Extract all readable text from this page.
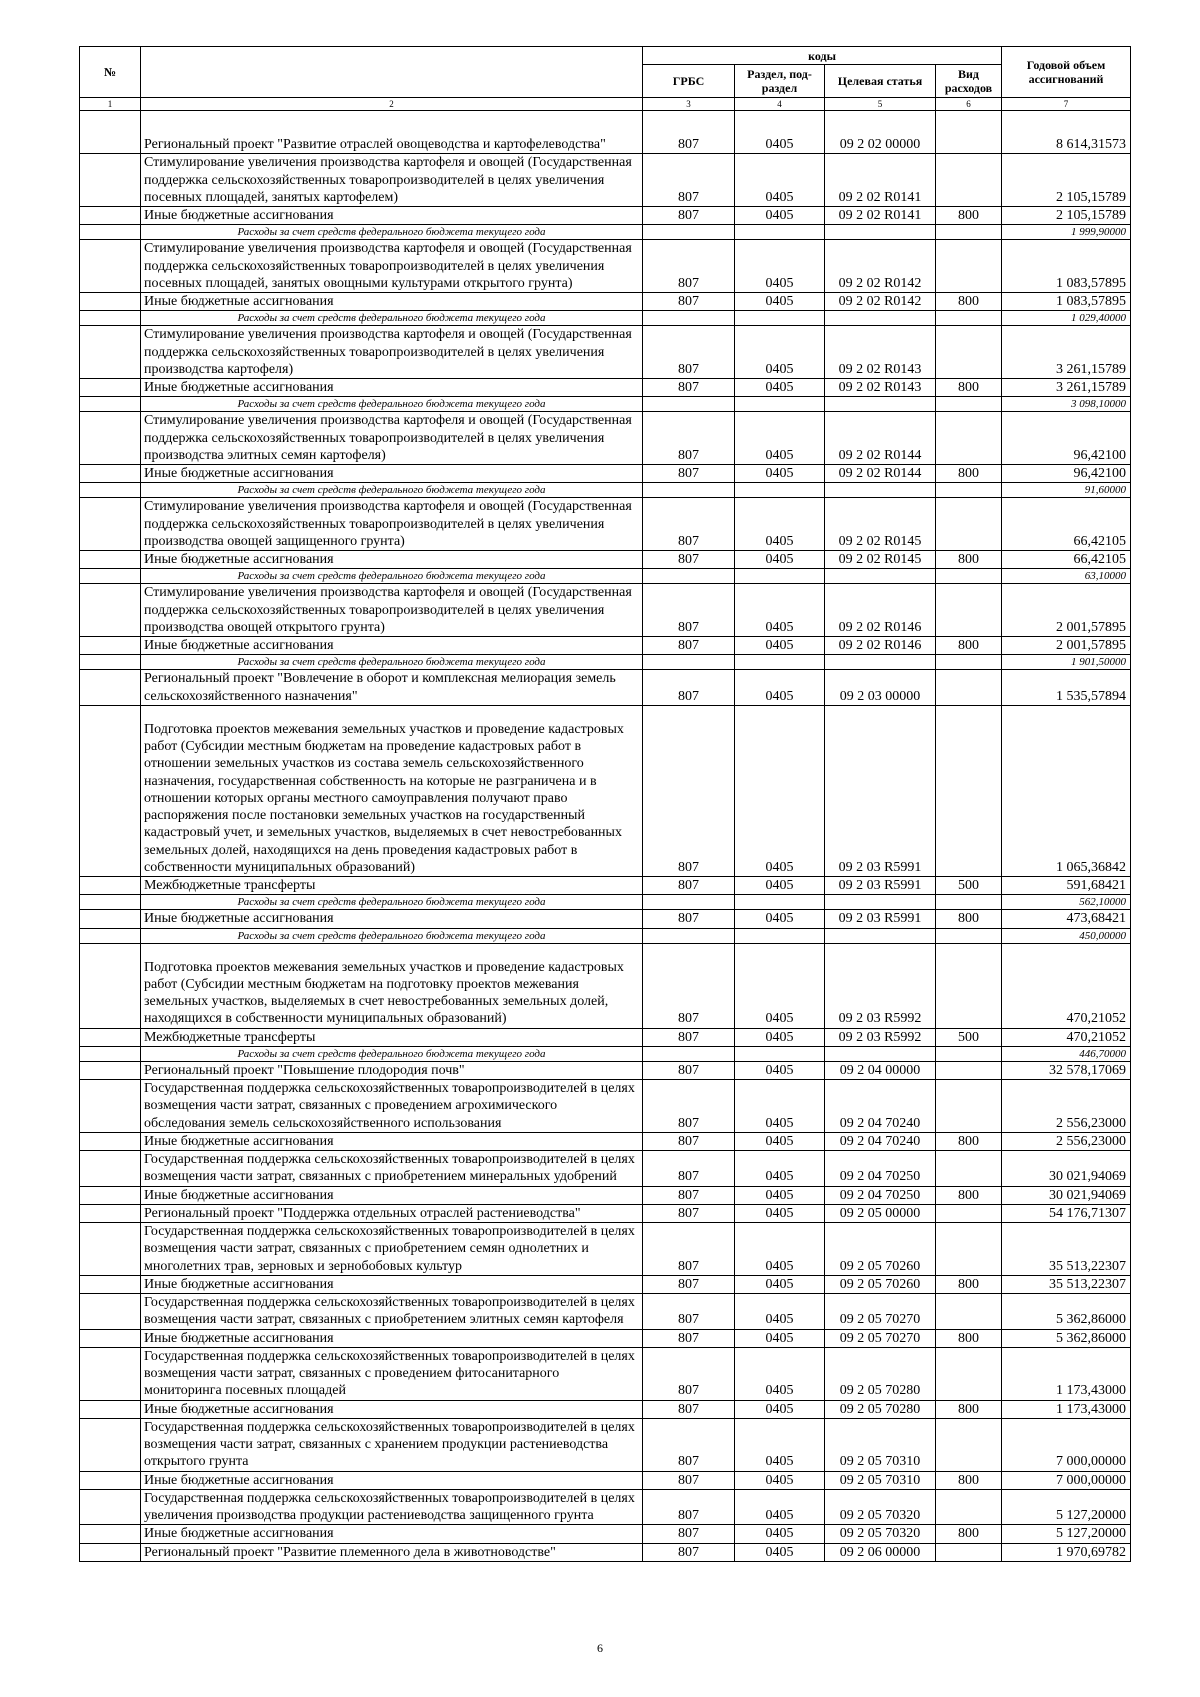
№		коды				Годовой объем ассигнований
		ГРБС	Раздел, под-раздел	Целевая статья	Вид расходов	
1	2	3	4	5	6	7
	Региональный проект "Развитие отраслей овощеводства и картофелеводства"	807	0405	09 2 02 00000		8 614,31573
	Стимулирование увеличения производства картофеля и овощей (Государственная поддержка сельскохозяйственных товаропроизводителей в целях увеличения посевных площадей, занятых картофелем)	807	0405	09 2 02 R0141		2 105,15789
	Иные бюджетные ассигнования	807	0405	09 2 02 R0141	800	2 105,15789
	Расходы за счет средств федерального бюджета текущего года					1 999,90000
	Стимулирование увеличения производства картофеля и овощей (Государственная поддержка сельскохозяйственных товаропроизводителей в целях увеличения посевных площадей, занятых овощными культурами открытого грунта)	807	0405	09 2 02 R0142		1 083,57895
	Иные бюджетные ассигнования	807	0405	09 2 02 R0142	800	1 083,57895
	Расходы за счет средств федерального бюджета текущего года					1 029,40000
	Стимулирование увеличения производства картофеля и овощей (Государственная поддержка сельскохозяйственных товаропроизводителей в целях увеличения производства картофеля)	807	0405	09 2 02 R0143		3 261,15789
	Иные бюджетные ассигнования	807	0405	09 2 02 R0143	800	3 261,15789
	Расходы за счет средств федерального бюджета текущего года					3 098,10000
	Стимулирование увеличения производства картофеля и овощей (Государственная поддержка сельскохозяйственных товаропроизводителей в целях увеличения производства элитных семян картофеля)	807	0405	09 2 02 R0144		96,42100
	Иные бюджетные ассигнования	807	0405	09 2 02 R0144	800	96,42100
	Расходы за счет средств федерального бюджета текущего года					91,60000
	Стимулирование увеличения производства картофеля и овощей (Государственная поддержка сельскохозяйственных товаропроизводителей в целях увеличения производства овощей защищенного грунта)	807	0405	09 2 02 R0145		66,42105
	Иные бюджетные ассигнования	807	0405	09 2 02 R0145	800	66,42105
	Расходы за счет средств федерального бюджета текущего года					63,10000
	Стимулирование увеличения производства картофеля и овощей (Государственная поддержка сельскохозяйственных товаропроизводителей в целях увеличения производства овощей открытого грунта)	807	0405	09 2 02 R0146		2 001,57895
	Иные бюджетные ассигнования	807	0405	09 2 02 R0146	800	2 001,57895
	Расходы за счет средств федерального бюджета текущего года					1 901,50000
	Региональный проект "Вовлечение в оборот и комплексная мелиорация земель сельскохозяйственного назначения"	807	0405	09 2 03 00000		1 535,57894
	Подготовка проектов межевания земельных участков и проведение кадастровых работ (Субсидии местным бюджетам на проведение кадастровых работ в отношении земельных участков из состава земель сельскохозяйственного назначения, государственная собственность на которые не разграничена и в отношении которых органы местного самоуправления получают право распоряжения после постановки земельных участков на государственный кадастровый учет, и земельных участков, выделяемых в счет невостребованных земельных долей, находящихся на день проведения кадастровых работ в собственности муниципальных образований)	807	0405	09 2 03 R5991		1 065,36842
	Межбюджетные трансферты	807	0405	09 2 03 R5991	500	591,68421
	Расходы за счет средств федерального бюджета текущего года					562,10000
	Иные бюджетные ассигнования	807	0405	09 2 03 R5991	800	473,68421
	Расходы за счет средств федерального бюджета текущего года					450,00000
	Подготовка проектов межевания земельных участков и проведение кадастровых работ (Субсидии местным бюджетам на подготовку проектов межевания земельных участков, выделяемых в счет невостребованных земельных долей, находящихся в собственности муниципальных образований)	807	0405	09 2 03 R5992		470,21052
	Межбюджетные трансферты	807	0405	09 2 03 R5992	500	470,21052
	Расходы за счет средств федерального бюджета текущего года					446,70000
	Региональный проект "Повышение плодородия почв"	807	0405	09 2 04 00000		32 578,17069
	Государственная поддержка сельскохозяйственных товаропроизводителей в целях возмещения части затрат, связанных с проведением агрохимического обследования земель сельскохозяйственного использования	807	0405	09 2 04 70240		2 556,23000
	Иные бюджетные ассигнования	807	0405	09 2 04 70240	800	2 556,23000
	Государственная поддержка сельскохозяйственных товаропроизводителей в целях возмещения части затрат, связанных с приобретением минеральных удобрений	807	0405	09 2 04 70250		30 021,94069
	Иные бюджетные ассигнования	807	0405	09 2 04 70250	800	30 021,94069
	Региональный проект "Поддержка отдельных отраслей растениеводства"	807	0405	09 2 05 00000		54 176,71307
	Государственная поддержка сельскохозяйственных товаропроизводителей в целях возмещения части затрат, связанных с приобретением семян однолетних и многолетних трав, зерновых и зернобобовых культур	807	0405	09 2 05 70260		35 513,22307
	Иные бюджетные ассигнования	807	0405	09 2 05 70260	800	35 513,22307
	Государственная поддержка сельскохозяйственных товаропроизводителей в целях возмещения части затрат, связанных с приобретением элитных семян картофеля	807	0405	09 2 05 70270		5 362,86000
	Иные бюджетные ассигнования	807	0405	09 2 05 70270	800	5 362,86000
	Государственная поддержка сельскохозяйственных товаропроизводителей в целях возмещения части затрат, связанных с проведением фитосанитарного мониторинга посевных площадей	807	0405	09 2 05 70280		1 173,43000
	Иные бюджетные ассигнования	807	0405	09 2 05 70280	800	1 173,43000
	Государственная поддержка сельскохозяйственных товаропроизводителей в целях возмещения части затрат, связанных с хранением продукции растениеводства открытого грунта	807	0405	09 2 05 70310		7 000,00000
	Иные бюджетные ассигнования	807	0405	09 2 05 70310	800	7 000,00000
	Государственная поддержка сельскохозяйственных товаропроизводителей в целях увеличения производства продукции растениеводства защищенного грунта	807	0405	09 2 05 70320		5 127,20000
	Иные бюджетные ассигнования	807	0405	09 2 05 70320	800	5 127,20000
	Региональный проект "Развитие племенного дела в животноводстве"	807	0405	09 2 06 00000		1 970,69782
6
